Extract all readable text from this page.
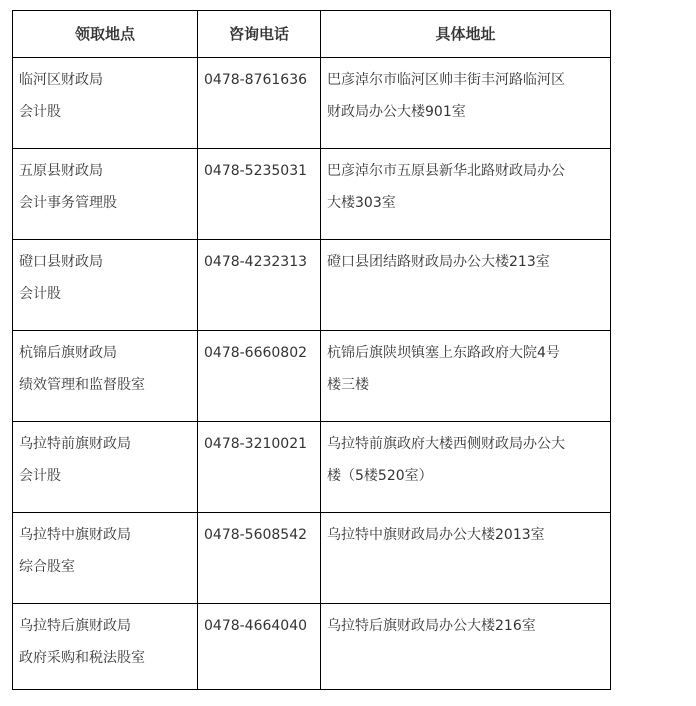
领取地点	咨询电话	具体地址

临河区财政局
会计股	0478-8761636	巴彦淖尔市临河区帅丰街丰河路临河区
财政局办公大楼901室

五原县财政局
会计事务管理股	0478-5235031	巴彦淖尔市五原县新华北路财政局办公
大楼303室

磴口县财政局
会计股	0478-4232313	磴口县团结路财政局办公大楼213室

杭锦后旗财政局
绩效管理和监督股室	0478-6660802	杭锦后旗陕坝镇塞上东路政府大院4号
楼三楼

乌拉特前旗财政局
会计股	0478-3210021	乌拉特前旗政府大楼西侧财政局办公大
楼（5楼520室）

乌拉特中旗财政局
综合股室	0478-5608542	乌拉特中旗财政局办公大楼2013室

乌拉特后旗财政局
政府采购和税法股室	0478-4664040	乌拉特后旗财政局办公大楼216室
